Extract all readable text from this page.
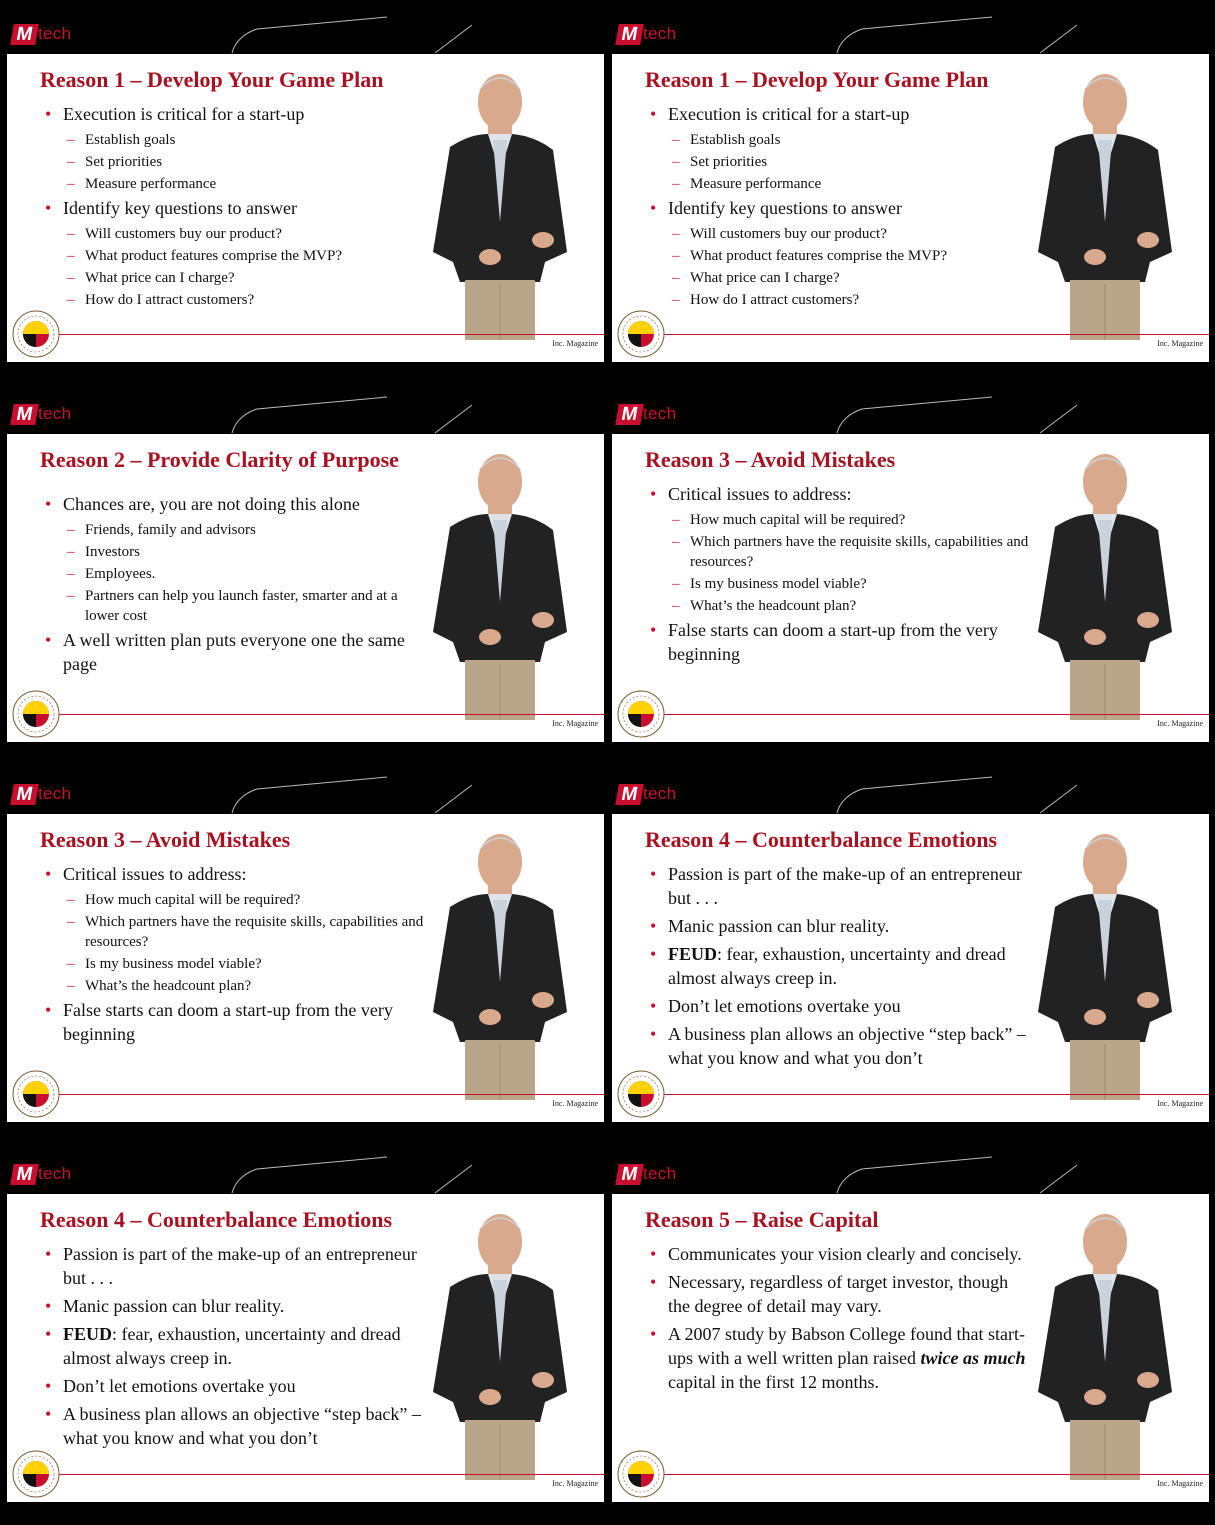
M tech
Reason 1 – Develop Your Game Plan
• Execution is critical for a start-up
– Establish goals
– Set priorities
– Measure performance
• Identify key questions to answer
– Will customers buy our product?
– What product features comprise the MVP?
– What price can I charge?
– How do I attract customers?
Inc. Magazine
M tech
Reason 1 – Develop Your Game Plan
• Execution is critical for a start-up
– Establish goals
– Set priorities
– Measure performance
• Identify key questions to answer
– Will customers buy our product?
– What product features comprise the MVP?
– What price can I charge?
– How do I attract customers?
Inc. Magazine
M tech
Reason 2 – Provide Clarity of Purpose
• Chances are, you are not doing this alone
– Friends, family and advisors
– Investors
– Employees.
– Partners can help you launch faster, smarter and at a lower cost
• A well written plan puts everyone one the same page
Inc. Magazine
M tech
Reason 3 – Avoid Mistakes
• Critical issues to address:
– How much capital will be required?
– Which partners have the requisite skills, capabilities and resources?
– Is my business model viable?
– What’s the headcount plan?
• False starts can doom a start-up from the very beginning
Inc. Magazine
M tech
Reason 3 – Avoid Mistakes
• Critical issues to address:
– How much capital will be required?
– Which partners have the requisite skills, capabilities and resources?
– Is my business model viable?
– What’s the headcount plan?
• False starts can doom a start-up from the very beginning
Inc. Magazine
M tech
Reason 4 – Counterbalance Emotions
• Passion is part of the make-up of an entrepreneur but . . .
• Manic passion can blur reality.
• FEUD: fear, exhaustion, uncertainty and dread almost always creep in.
• Don’t let emotions overtake you
• A business plan allows an objective “step back” – what you know and what you don’t
Inc. Magazine
M tech
Reason 4 – Counterbalance Emotions
• Passion is part of the make-up of an entrepreneur but . . .
• Manic passion can blur reality.
• FEUD: fear, exhaustion, uncertainty and dread almost always creep in.
• Don’t let emotions overtake you
• A business plan allows an objective “step back” – what you know and what you don’t
Inc. Magazine
M tech
Reason 5 – Raise Capital
• Communicates your vision clearly and concisely.
• Necessary, regardless of target investor, though the degree of detail may vary.
• A 2007 study by Babson College found that start-ups with a well written plan raised twice as much capital in the first 12 months.
Inc. Magazine
